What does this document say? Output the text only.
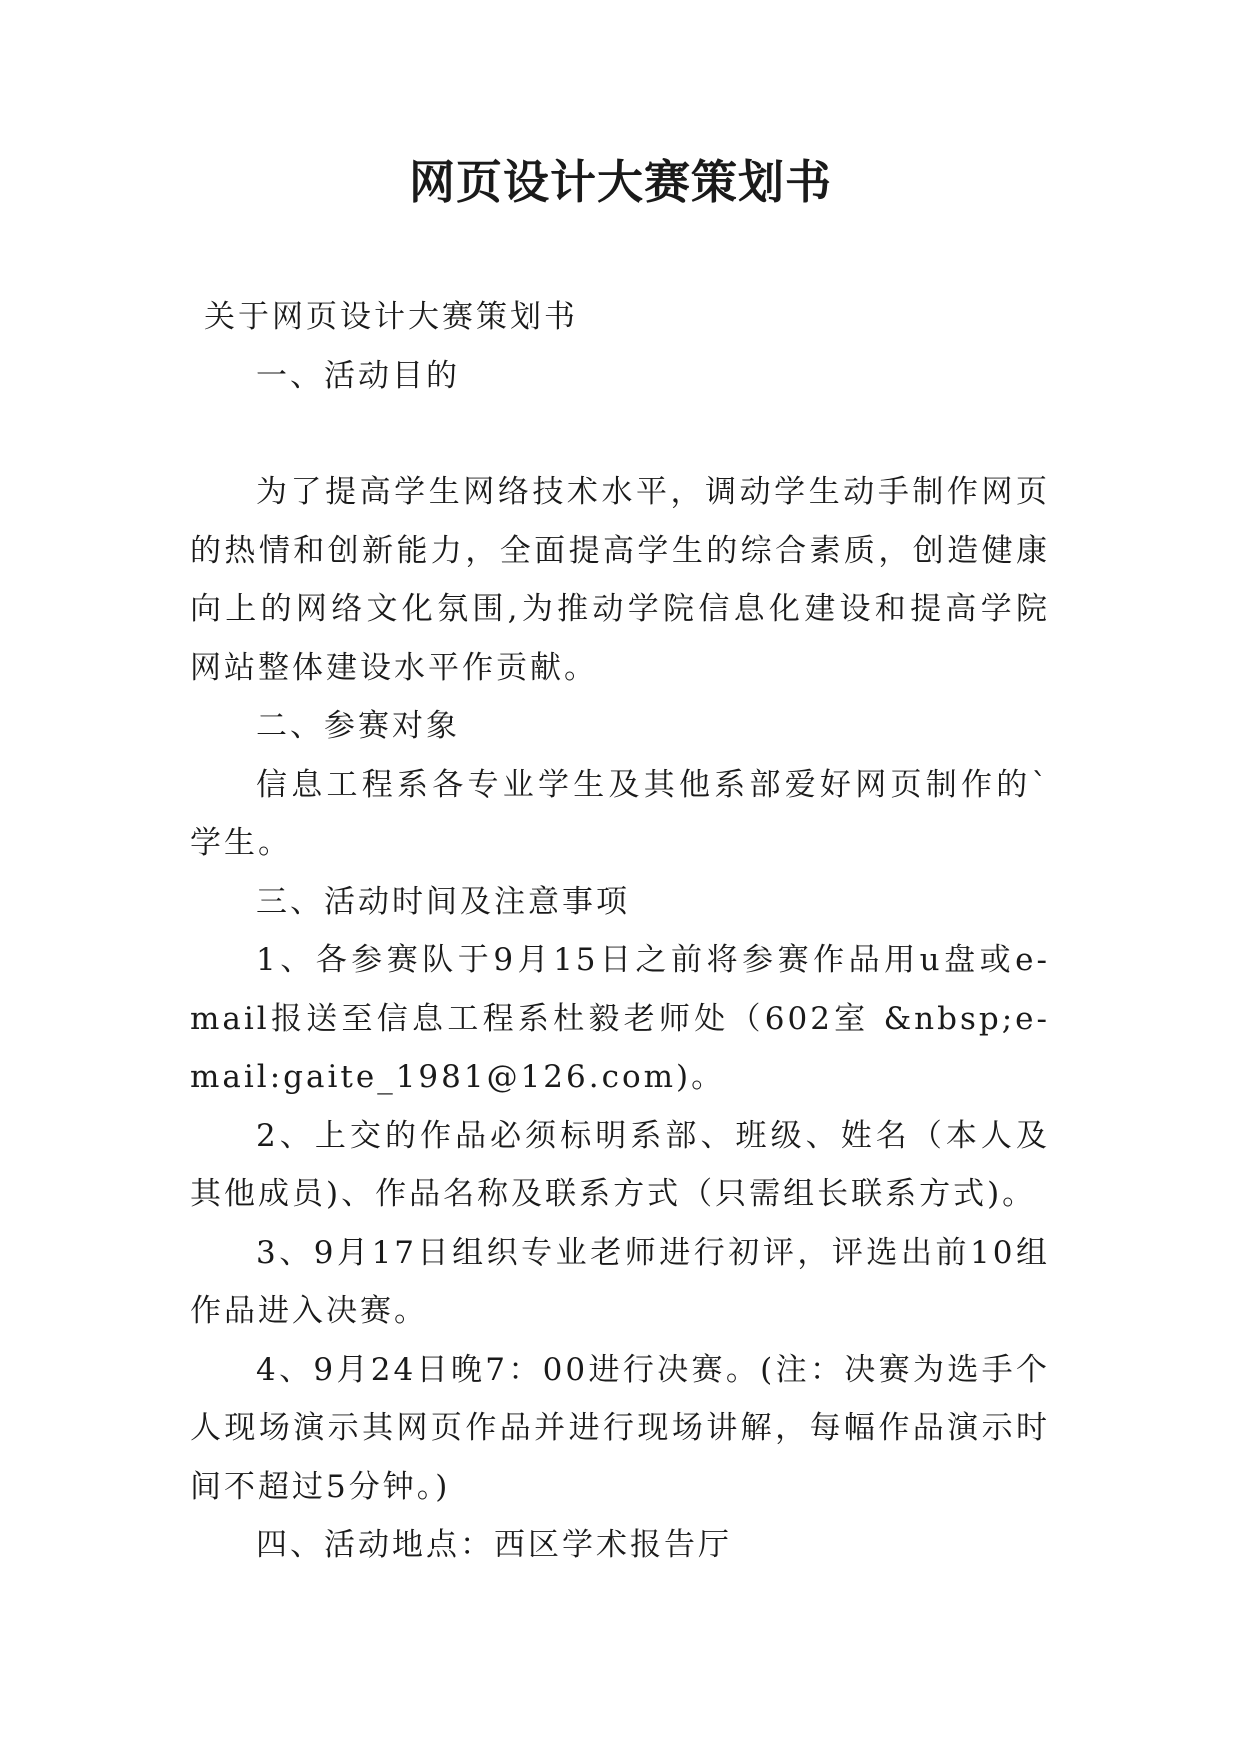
网页设计大赛策划书

关于网页设计大赛策划书

一、活动目的

为了提高学生网络技术水平，调动学生动手制作网页的热情和创新能力，全面提高学生的综合素质，创造健康向上的网络文化氛围,为推动学院信息化建设和提高学院网站整体建设水平作贡献。

二、参赛对象

信息工程系各专业学生及其他系部爱好网页制作的`学生。

三、活动时间及注意事项

1、各参赛队于9月15日之前将参赛作品用u盘或e-mail报送至信息工程系杜毅老师处（602室 &nbsp;e-mail:gaite_1981@126.com)。

2、上交的作品必须标明系部、班级、姓名（本人及其他成员)、作品名称及联系方式（只需组长联系方式)。

3、9月17日组织专业老师进行初评，评选出前10组作品进入决赛。

4、9月24日晚7：00进行决赛。(注：决赛为选手个人现场演示其网页作品并进行现场讲解，每幅作品演示时间不超过5分钟。)

四、活动地点：西区学术报告厅
